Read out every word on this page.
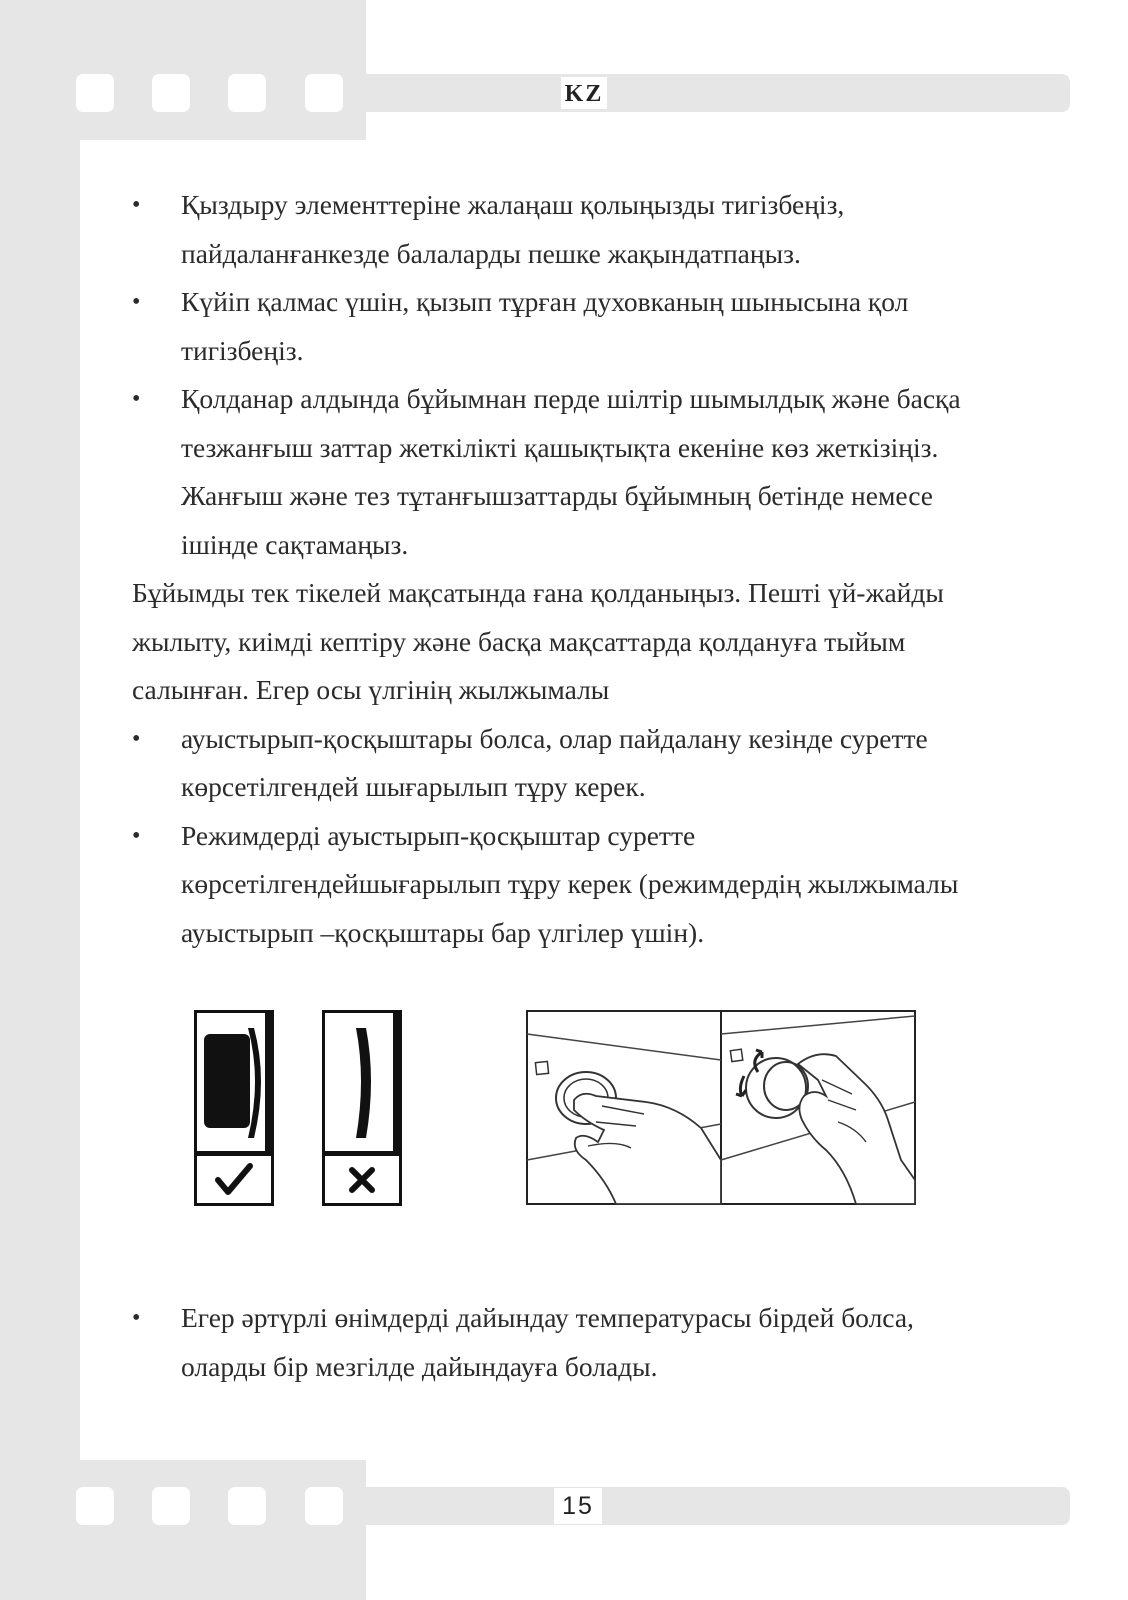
KZ
• Қыздыру элементтеріне жалаңаш қолыңызды тигізбеңіз,
пайдаланғанкезде балаларды пешке жақындатпаңыз.
• Күйіп қалмас үшін, қызып тұрған духовканың шынысына қол
тигізбеңіз.
• Қолданар алдында бұйымнан перде шілтір шымылдық және басқа
тезжанғыш заттар жеткілікті қашықтықта екеніне көз жеткізіңіз.
Жанғыш және тез тұтанғышзаттарды бұйымның бетінде немесе
ішінде сақтамаңыз.
Бұйымды тек тікелей мақсатында ғана қолданыңыз. Пешті үй-жайды
жылыту, киімді кептіру және басқа мақсаттарда қолдануға тыйым
салынған. Егер осы үлгінің жылжымалы
• ауыстырып-қосқыштары болса, олар пайдалану кезінде суретте
көрсетілгендей шығарылып тұру керек.
• Режимдерді ауыстырып-қосқыштар суретте
көрсетілгендейшығарылып тұру керек (режимдердің жылжымалы
ауыстырып –қосқыштары бар үлгілер үшін).
• Егер әртүрлі өнімдерді дайындау температурасы бірдей болса,
оларды бір мезгілде дайындауға болады.
15
